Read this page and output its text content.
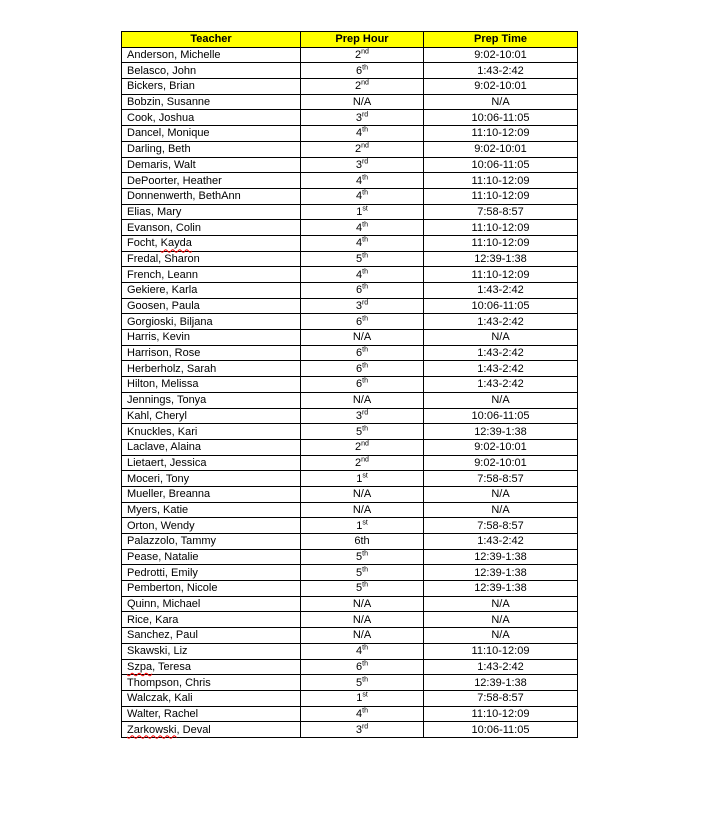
Teacher	Prep Hour	Prep Time
Anderson, Michelle	2nd	9:02-10:01
Belasco, John	6th	1:43-2:42
Bickers, Brian	2nd	9:02-10:01
Bobzin, Susanne	N/A	N/A
Cook, Joshua	3rd	10:06-11:05
Dancel, Monique	4th	11:10-12:09
Darling, Beth	2nd	9:02-10:01
Demaris, Walt	3rd	10:06-11:05
DePoorter, Heather	4th	11:10-12:09
Donnenwerth, BethAnn	4th	11:10-12:09
Elias, Mary	1st	7:58-8:57
Evanson, Colin	4th	11:10-12:09
Focht, Kayda	4th	11:10-12:09
Fredal, Sharon	5th	12:39-1:38
French, Leann	4th	11:10-12:09
Gekiere, Karla	6th	1:43-2:42
Goosen, Paula	3rd	10:06-11:05
Gorgioski, Biljana	6th	1:43-2:42
Harris, Kevin	N/A	N/A
Harrison, Rose	6th	1:43-2:42
Herberholz, Sarah	6th	1:43-2:42
Hilton, Melissa	6th	1:43-2:42
Jennings, Tonya	N/A	N/A
Kahl, Cheryl	3rd	10:06-11:05
Knuckles, Kari	5th	12:39-1:38
Laclave, Alaina	2nd	9:02-10:01
Lietaert, Jessica	2nd	9:02-10:01
Moceri, Tony	1st	7:58-8:57
Mueller, Breanna	N/A	N/A
Myers, Katie	N/A	N/A
Orton, Wendy	1st	7:58-8:57
Palazzolo, Tammy	6th	1:43-2:42
Pease, Natalie	5th	12:39-1:38
Pedrotti, Emily	5th	12:39-1:38
Pemberton, Nicole	5th	12:39-1:38
Quinn, Michael	N/A	N/A
Rice, Kara	N/A	N/A
Sanchez, Paul	N/A	N/A
Skawski, Liz	4th	11:10-12:09
Szpa, Teresa	6th	1:43-2:42
Thompson, Chris	5th	12:39-1:38
Walczak, Kali	1st	7:58-8:57
Walter, Rachel	4th	11:10-12:09
Zarkowski, Deval	3rd	10:06-11:05
